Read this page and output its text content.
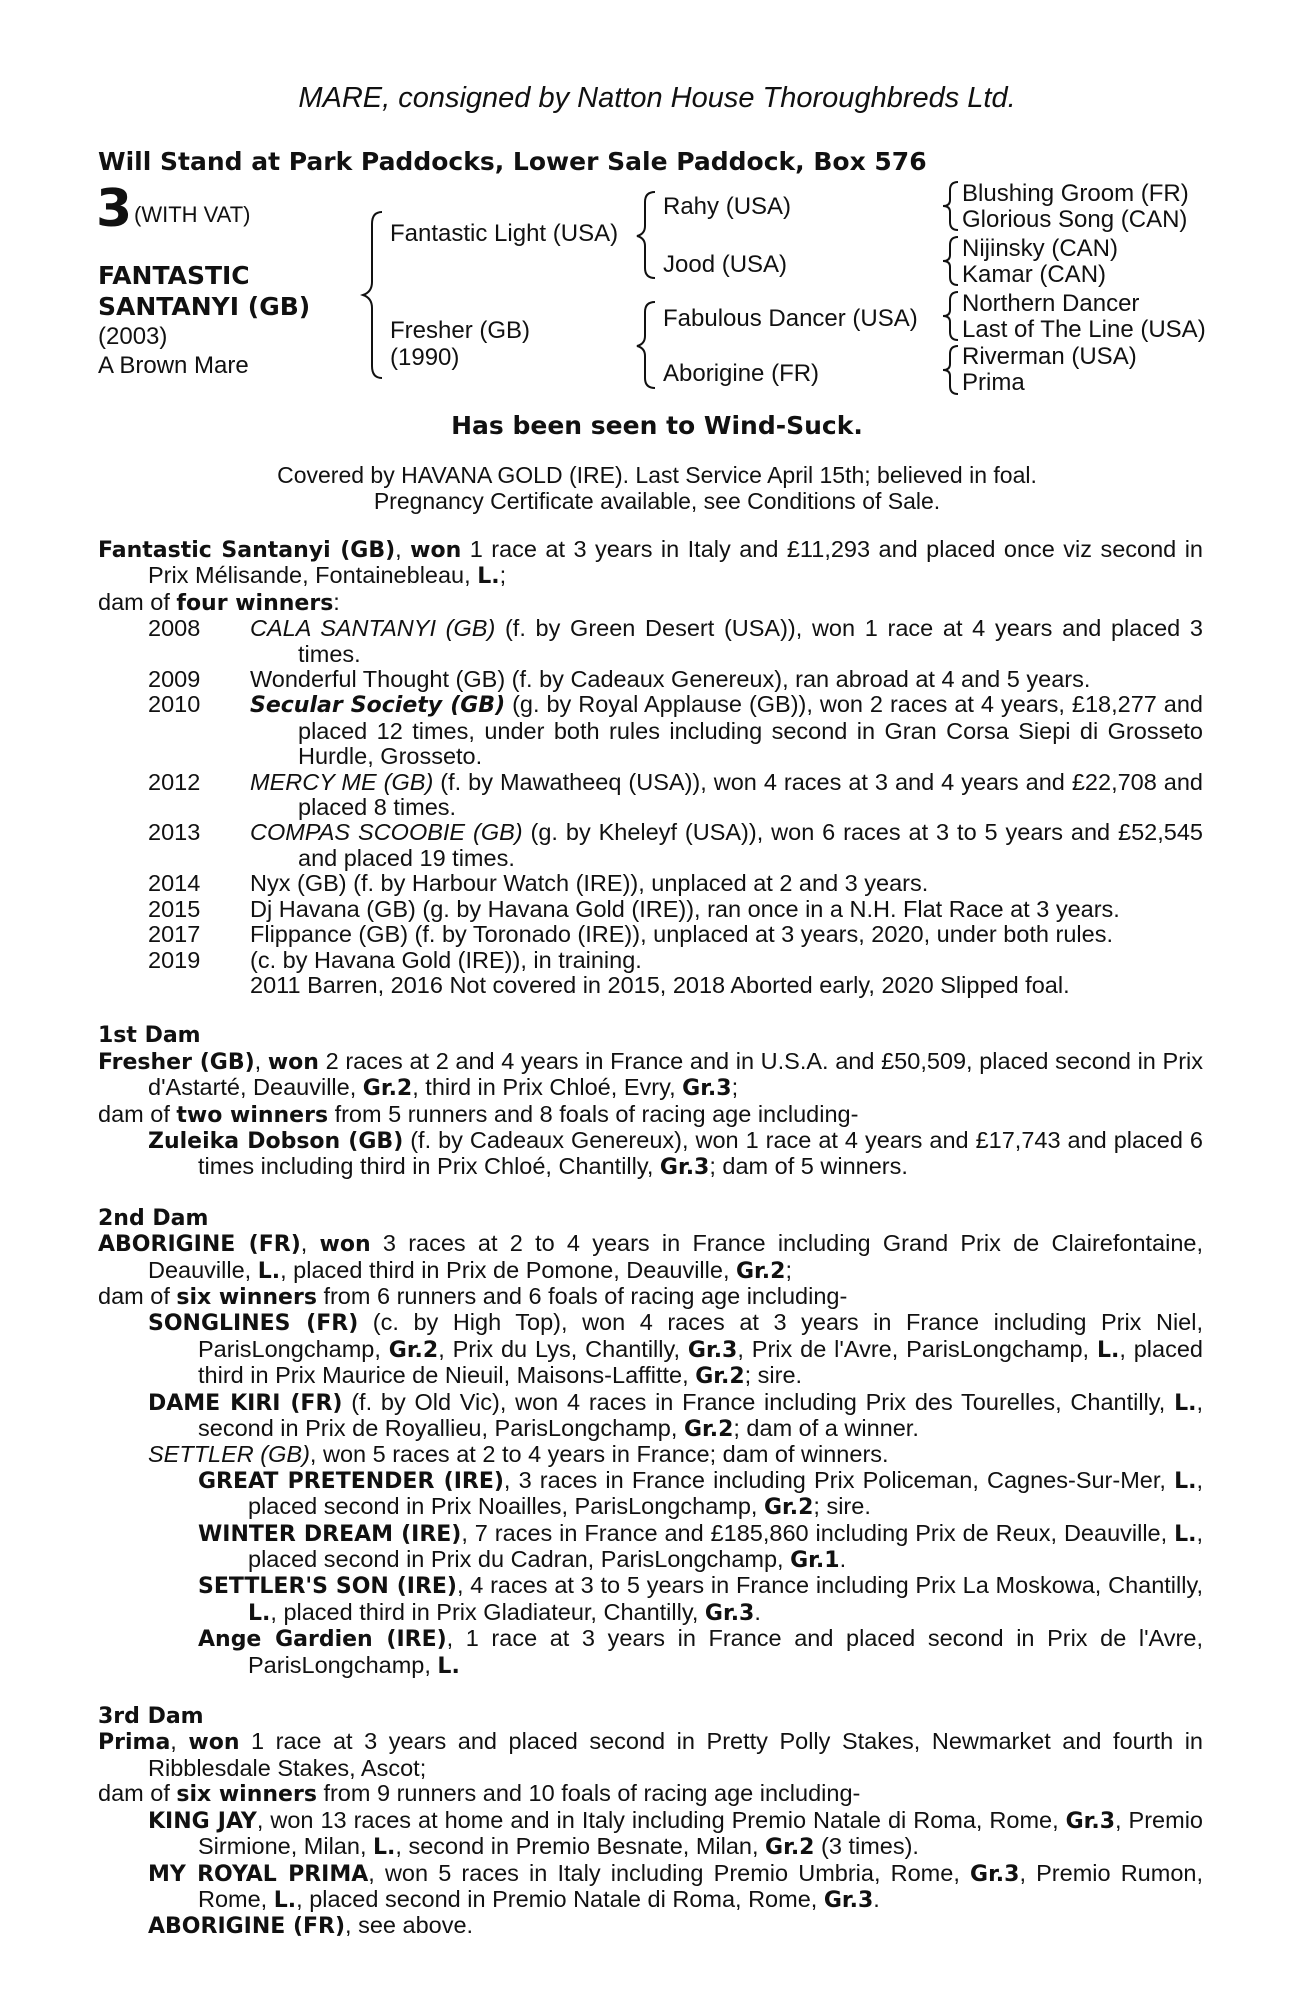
MARE, consigned by Natton House Thoroughbreds Ltd.
Will Stand at Park Paddocks, Lower Sale Paddock, Box 576
3 (WITH VAT)
FANTASTIC
SANTANYI (GB)
(2003)
A Brown Mare
Fantastic Light (USA)
Fresher (GB)
(1990)
Rahy (USA)
Jood (USA)
Fabulous Dancer (USA)
Aborigine (FR)
Blushing Groom (FR)
Glorious Song (CAN)
Nijinsky (CAN)
Kamar (CAN)
Northern Dancer
Last of The Line (USA)
Riverman (USA)
Prima
Has been seen to Wind-Suck.
Covered by HAVANA GOLD (IRE). Last Service April 15th; believed in foal.
Pregnancy Certificate available, see Conditions of Sale.

Fantastic Santanyi (GB), won 1 race at 3 years in Italy and £11,293 and placed once viz second in Prix Mélisande, Fontainebleau, L.;

dam of four winners:

2008	CALA SANTANYI (GB) (f. by Green Desert (USA)), won 1 race at 4 years and placed 3 times.
2009	Wonderful Thought (GB) (f. by Cadeaux Genereux), ran abroad at 4 and 5 years.
2010	Secular Society (GB) (g. by Royal Applause (GB)), won 2 races at 4 years, £18,277 and placed 12 times, under both rules including second in Gran Corsa Siepi di Grosseto Hurdle, Grosseto.
2012	MERCY ME (GB) (f. by Mawatheeq (USA)), won 4 races at 3 and 4 years and £22,708 and placed 8 times.
2013	COMPAS SCOOBIE (GB) (g. by Kheleyf (USA)), won 6 races at 3 to 5 years and £52,545 and placed 19 times.
2014	Nyx (GB) (f. by Harbour Watch (IRE)), unplaced at 2 and 3 years.
2015	Dj Havana (GB) (g. by Havana Gold (IRE)), ran once in a N.H. Flat Race at 3 years.
2017	Flippance (GB) (f. by Toronado (IRE)), unplaced at 3 years, 2020, under both rules.
2019	(c. by Havana Gold (IRE)), in training.
2011 Barren, 2016 Not covered in 2015, 2018 Aborted early, 2020 Slipped foal.

1st Dam

Fresher (GB), won 2 races at 2 and 4 years in France and in U.S.A. and £50,509, placed second in Prix d'Astarté, Deauville, Gr.2, third in Prix Chloé, Evry, Gr.3;

dam of two winners from 5 runners and 8 foals of racing age including-

Zuleika Dobson (GB) (f. by Cadeaux Genereux), won 1 race at 4 years and £17,743 and placed 6 times including third in Prix Chloé, Chantilly, Gr.3; dam of 5 winners.

2nd Dam

ABORIGINE (FR), won 3 races at 2 to 4 years in France including Grand Prix de Clairefontaine, Deauville, L., placed third in Prix de Pomone, Deauville, Gr.2;

dam of six winners from 6 runners and 6 foals of racing age including-

SONGLINES (FR) (c. by High Top), won 4 races at 3 years in France including Prix Niel, ParisLongchamp, Gr.2, Prix du Lys, Chantilly, Gr.3, Prix de l'Avre, ParisLongchamp, L., placed third in Prix Maurice de Nieuil, Maisons-Laffitte, Gr.2; sire.

DAME KIRI (FR) (f. by Old Vic), won 4 races in France including Prix des Tourelles, Chantilly, L., second in Prix de Royallieu, ParisLongchamp, Gr.2; dam of a winner.

SETTLER (GB), won 5 races at 2 to 4 years in France; dam of winners.

GREAT PRETENDER (IRE), 3 races in France including Prix Policeman, Cagnes-Sur-Mer, L., placed second in Prix Noailles, ParisLongchamp, Gr.2; sire.

WINTER DREAM (IRE), 7 races in France and £185,860 including Prix de Reux, Deauville, L., placed second in Prix du Cadran, ParisLongchamp, Gr.1.

SETTLER'S SON (IRE), 4 races at 3 to 5 years in France including Prix La Moskowa, Chantilly, L., placed third in Prix Gladiateur, Chantilly, Gr.3.

Ange Gardien (IRE), 1 race at 3 years in France and placed second in Prix de l'Avre, ParisLongchamp, L.

3rd Dam

Prima, won 1 race at 3 years and placed second in Pretty Polly Stakes, Newmarket and fourth in Ribblesdale Stakes, Ascot;

dam of six winners from 9 runners and 10 foals of racing age including-

KING JAY, won 13 races at home and in Italy including Premio Natale di Roma, Rome, Gr.3, Premio Sirmione, Milan, L., second in Premio Besnate, Milan, Gr.2 (3 times).

MY ROYAL PRIMA, won 5 races in Italy including Premio Umbria, Rome, Gr.3, Premio Rumon, Rome, L., placed second in Premio Natale di Roma, Rome, Gr.3.

ABORIGINE (FR), see above.
